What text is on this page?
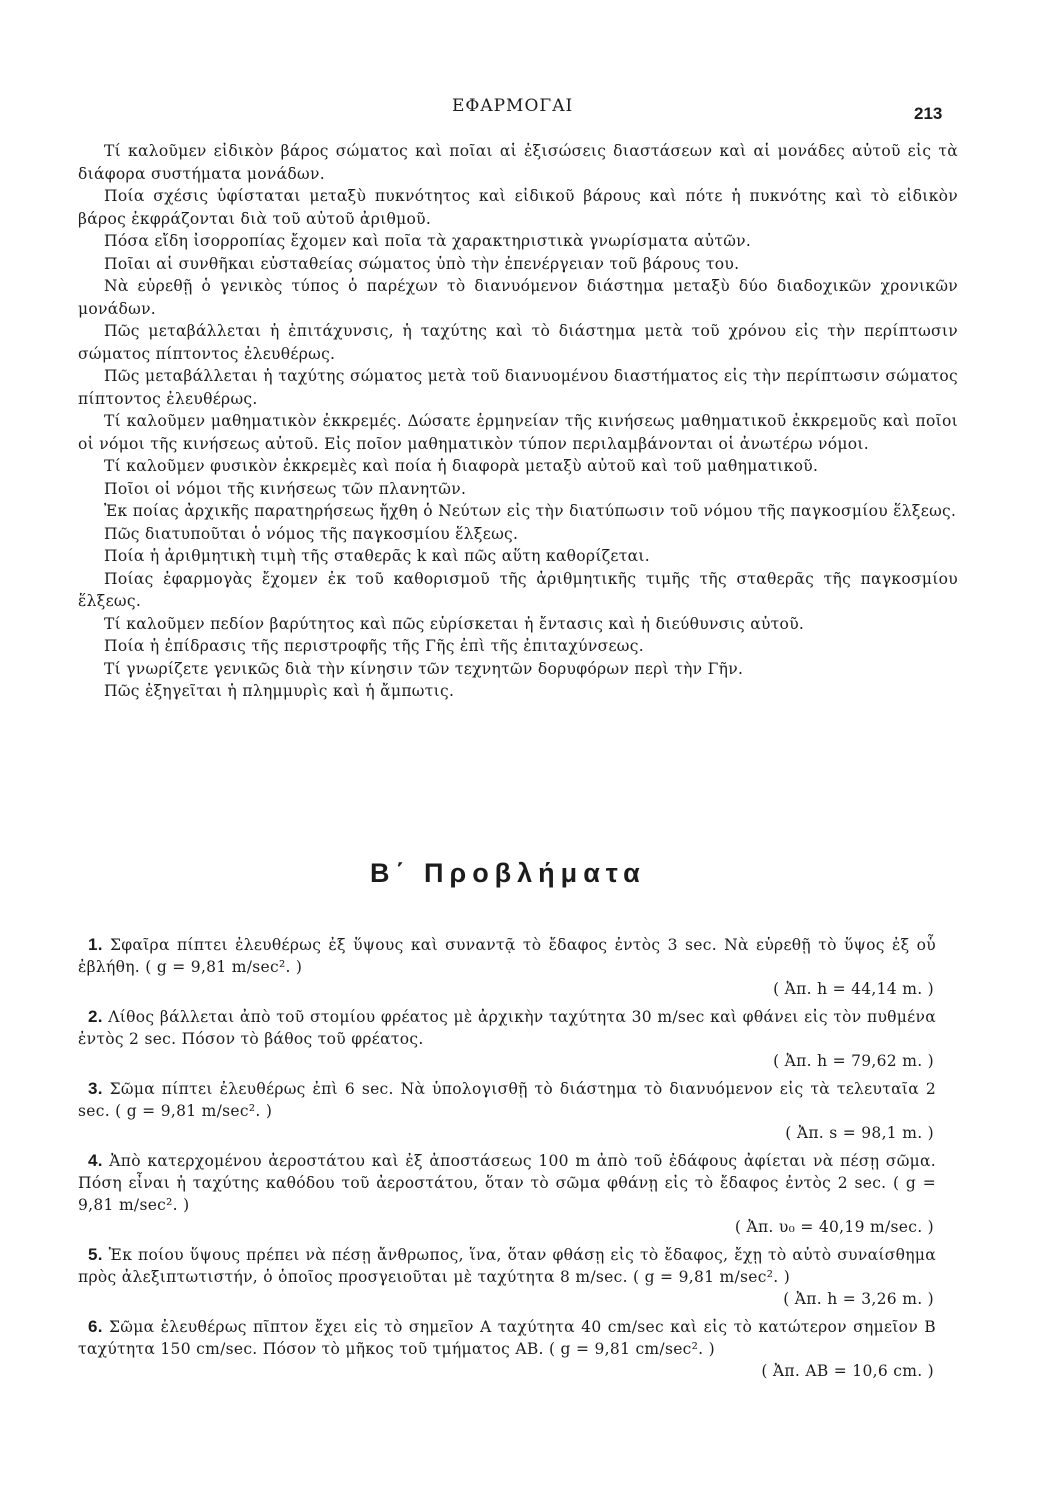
ΕΦΑΡΜΟΓΑΙ	213

Τί καλοῦμεν εἰδικὸν βάρος σώματος καὶ ποῖαι αἱ ἐξισώσεις διαστάσεων καὶ αἱ μονάδες αὐτοῦ εἰς τὰ διάφορα συστήματα μονάδων.

Ποία σχέσις ὑφίσταται μεταξὺ πυκνότητος καὶ εἰδικοῦ βάρους καὶ πότε ἡ πυκνότης καὶ τὸ εἰδικὸν βάρος ἐκφράζονται διὰ τοῦ αὐτοῦ ἀριθμοῦ.

Πόσα εἴδη ἰσορροπίας ἔχομεν καὶ ποῖα τὰ χαρακτηριστικὰ γνωρίσματα αὐτῶν.

Ποῖαι αἱ συνθῆκαι εὐσταθείας σώματος ὑπὸ τὴν ἐπενέργειαν τοῦ βάρους του.

Νὰ εὑρεθῇ ὁ γενικὸς τύπος ὁ παρέχων τὸ διανυόμενον διάστημα μεταξὺ δύο διαδοχικῶν χρονικῶν μονάδων.

Πῶς μεταβάλλεται ἡ ἐπιτάχυνσις, ἡ ταχύτης καὶ τὸ διάστημα μετὰ τοῦ χρόνου εἰς τὴν περίπτωσιν σώματος πίπτοντος ἐλευθέρως.

Πῶς μεταβάλλεται ἡ ταχύτης σώματος μετὰ τοῦ διανυομένου διαστήματος εἰς τὴν περίπτωσιν σώματος πίπτοντος ἐλευθέρως.

Τί καλοῦμεν μαθηματικὸν ἐκκρεμές. Δώσατε ἑρμηνείαν τῆς κινήσεως μαθηματικοῦ ἐκκρεμοῦς καὶ ποῖοι οἱ νόμοι τῆς κινήσεως αὐτοῦ. Εἰς ποῖον μαθηματικὸν τύπον περιλαμβάνονται οἱ ἀνωτέρω νόμοι.

Τί καλοῦμεν φυσικὸν ἐκκρεμὲς καὶ ποία ἡ διαφορὰ μεταξὺ αὐτοῦ καὶ τοῦ μαθηματικοῦ.

Ποῖοι οἱ νόμοι τῆς κινήσεως τῶν πλανητῶν.

Ἐκ ποίας ἀρχικῆς παρατηρήσεως ἤχθη ὁ Νεύτων εἰς τὴν διατύπωσιν τοῦ νόμου τῆς παγκοσμίου ἕλξεως.

Πῶς διατυποῦται ὁ νόμος τῆς παγκοσμίου ἕλξεως.

Ποία ἡ ἀριθμητικὴ τιμὴ τῆς σταθερᾶς k καὶ πῶς αὕτη καθορίζεται.

Ποίας ἐφαρμογὰς ἔχομεν ἐκ τοῦ καθορισμοῦ τῆς ἀριθμητικῆς τιμῆς τῆς σταθερᾶς τῆς παγκοσμίου ἕλξεως.

Τί καλοῦμεν πεδίον βαρύτητος καὶ πῶς εὑρίσκεται ἡ ἔντασις καὶ ἡ διεύθυνσις αὐτοῦ.

Ποία ἡ ἐπίδρασις τῆς περιστροφῆς τῆς Γῆς ἐπὶ τῆς ἐπιταχύνσεως.

Τί γνωρίζετε γενικῶς διὰ τὴν κίνησιν τῶν τεχνητῶν δορυφόρων περὶ τὴν Γῆν.

Πῶς ἐξηγεῖται ἡ πλημμυρὶς καὶ ἡ ἄμπωτις.

Β΄ Προβλήματα

1. Σφαῖρα πίπτει ἐλευθέρως ἐξ ὕψους καὶ συναντᾷ τὸ ἔδαφος ἐντὸς 3 sec. Νὰ εὑρεθῇ τὸ ὕψος ἐξ οὗ ἐβλήθη. ( g = 9,81 m/sec². )
( Ἀπ. h = 44,14 m. )

2. Λίθος βάλλεται ἀπὸ τοῦ στομίου φρέατος μὲ ἀρχικὴν ταχύτητα 30 m/sec καὶ φθάνει εἰς τὸν πυθμένα ἐντὸς 2 sec. Πόσον τὸ βάθος τοῦ φρέατος.
( Ἀπ. h = 79,62 m. )

3. Σῶμα πίπτει ἐλευθέρως ἐπὶ 6 sec. Νὰ ὑπολογισθῇ τὸ διάστημα τὸ διανυόμενον εἰς τὰ τελευταῖα 2 sec. ( g = 9,81 m/sec². )
( Ἀπ. s = 98,1 m. )

4. Ἀπὸ κατερχομένου ἀεροστάτου καὶ ἐξ ἀποστάσεως 100 m ἀπὸ τοῦ ἐδάφους ἀφίεται νὰ πέσῃ σῶμα. Πόση εἶναι ἡ ταχύτης καθόδου τοῦ ἀεροστάτου, ὅταν τὸ σῶμα φθάνῃ εἰς τὸ ἔδαφος ἐντὸς 2 sec. ( g = 9,81 m/sec². )
( Ἀπ. υ₀ = 40,19 m/sec. )

5. Ἐκ ποίου ὕψους πρέπει νὰ πέσῃ ἄνθρωπος, ἵνα, ὅταν φθάσῃ εἰς τὸ ἔδαφος, ἔχῃ τὸ αὐτὸ συναίσθημα πρὸς ἀλεξιπτωτιστήν, ὁ ὁποῖος προσγειοῦται μὲ ταχύτητα 8 m/sec. ( g = 9,81 m/sec². )
( Ἀπ. h = 3,26 m. )

6. Σῶμα ἐλευθέρως πῖπτον ἔχει εἰς τὸ σημεῖον Α ταχύτητα 40 cm/sec καὶ εἰς τὸ κατώτερον σημεῖον Β ταχύτητα 150 cm/sec. Πόσον τὸ μῆκος τοῦ τμήματος ΑΒ. ( g = 9,81 cm/sec². )
( Ἀπ. ΑΒ = 10,6 cm. )
